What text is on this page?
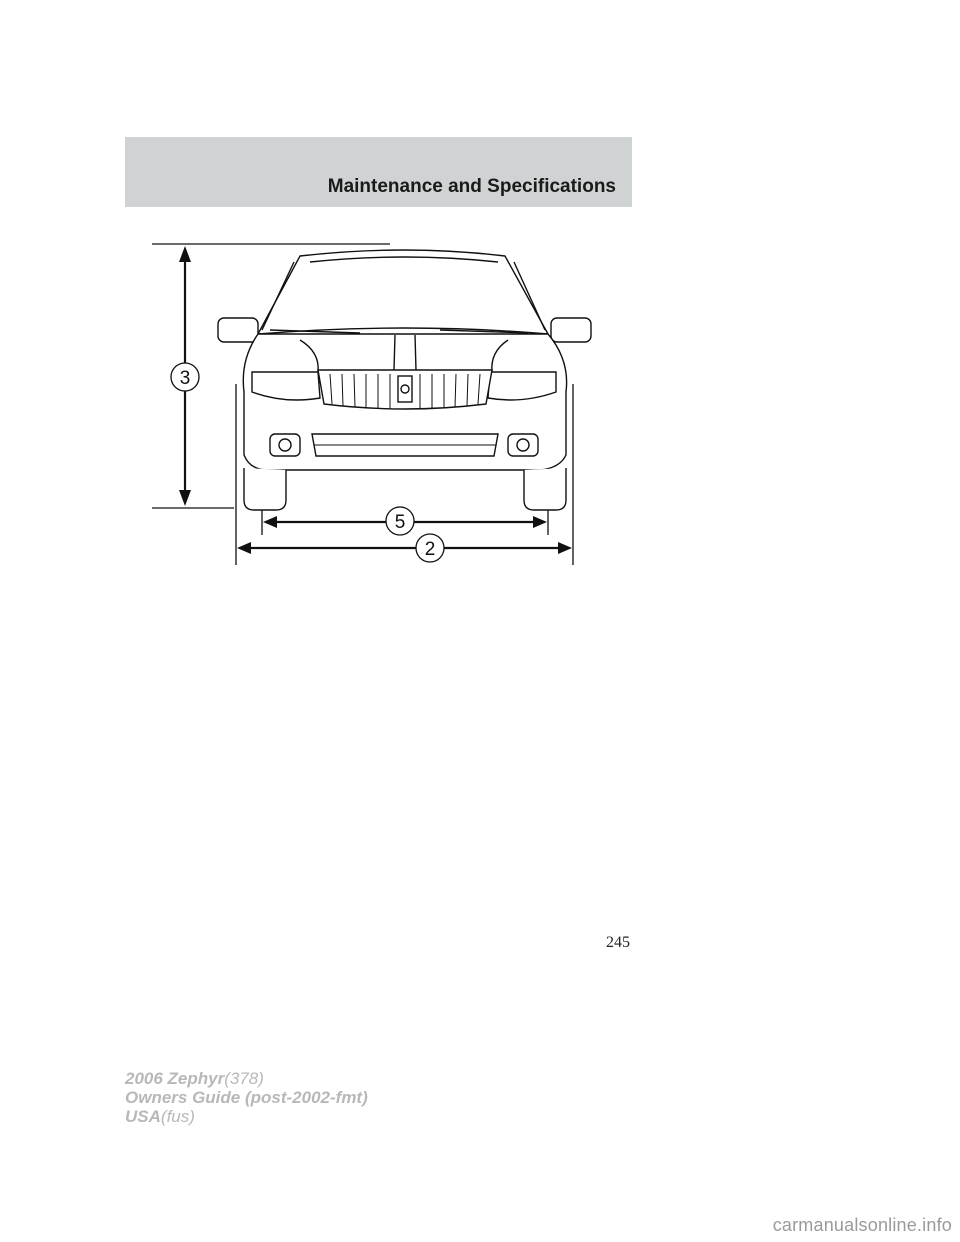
Maintenance and Specifications
3
5
2
245
2006 Zephyr(378)
Owners Guide (post-2002-fmt)
USA(fus)
carmanualsonline.info
